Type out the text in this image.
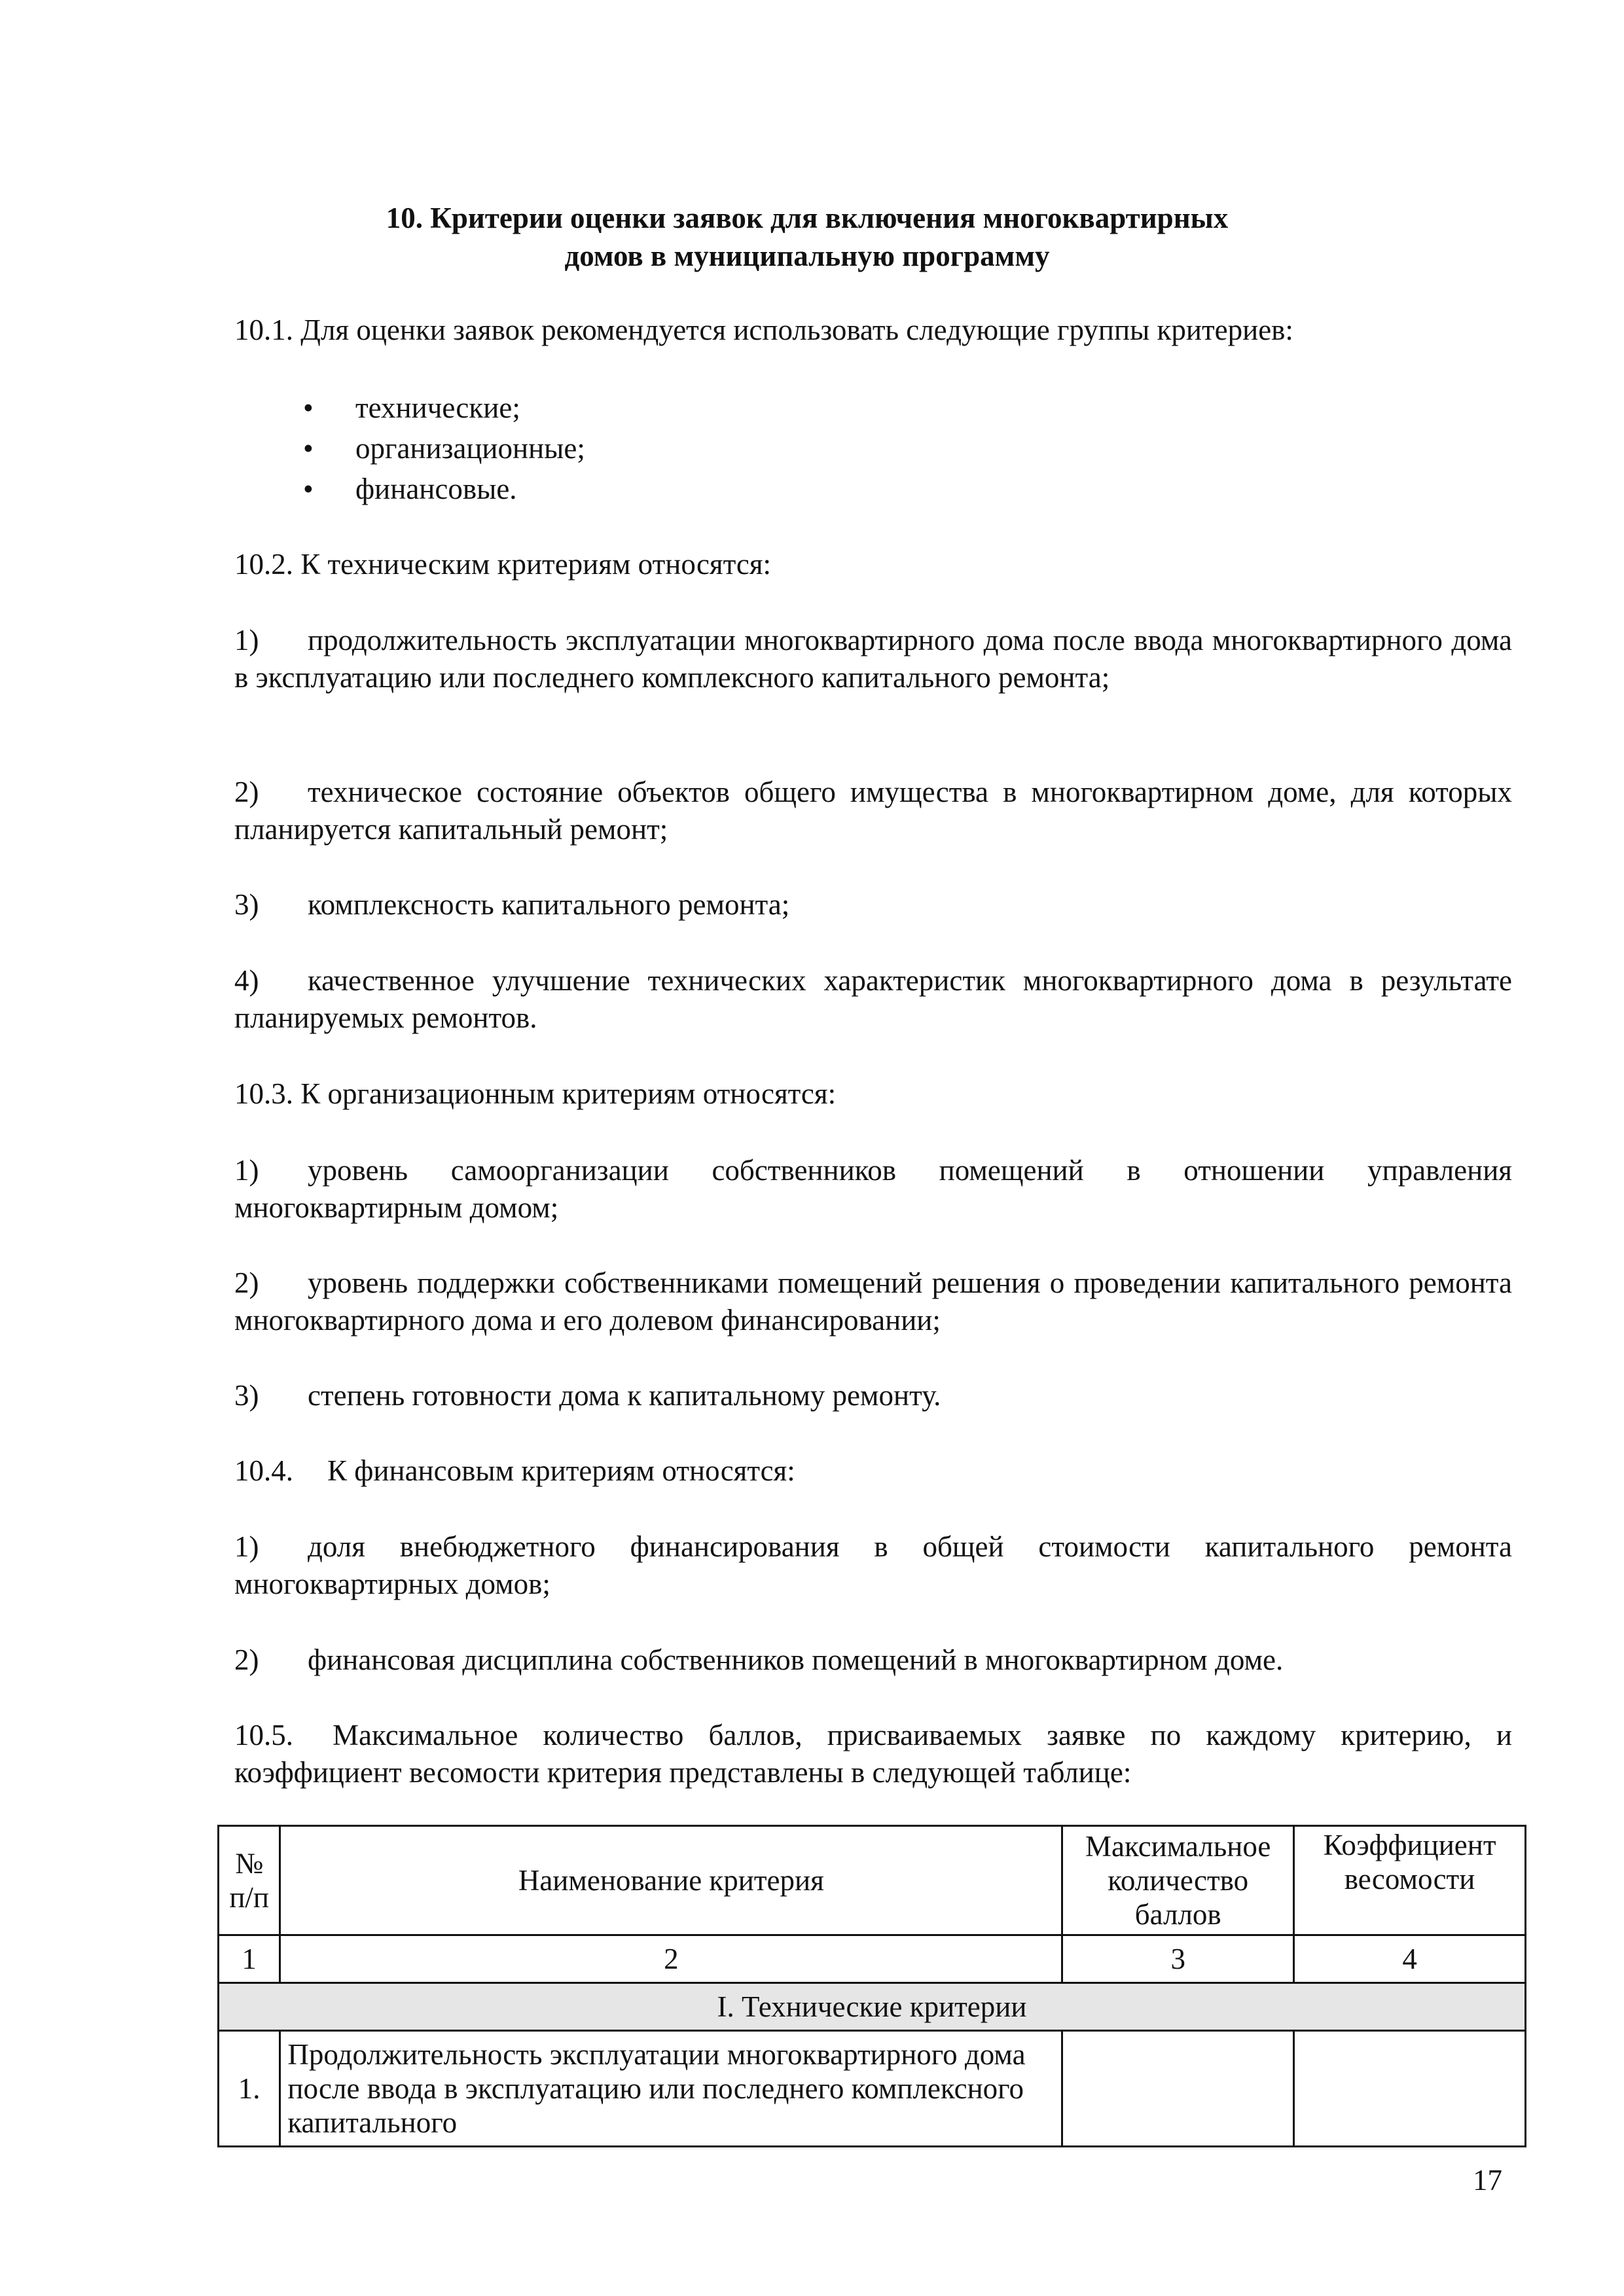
10. Критерии оценки заявок для включения многоквартирных
домов в муниципальную программу

10.1. Для оценки заявок рекомендуется использовать следующие группы критериев:

• технические;
• организационные;
• финансовые.

10.2. К техническим критериям относятся:

1) продолжительность эксплуатации многоквартирного дома после ввода многоквартирного дома в эксплуатацию или последнего комплексного капитального ремонта;

2) техническое состояние объектов общего имущества в многоквартирном доме, для которых планируется капитальный ремонт;

3) комплексность капитального ремонта;

4) качественное улучшение технических характеристик многоквартирного дома в результате планируемых ремонтов.

10.3. К организационным критериям относятся:

1) уровень самоорганизации собственников помещений в отношении управления многоквартирным домом;

2) уровень поддержки собственниками помещений решения о проведении капитального ремонта многоквартирного дома и его долевом финансировании;

3) степень готовности дома к капитальному ремонту.

10.4. К финансовым критериям относятся:

1) доля внебюджетного финансирования в общей стоимости капитального ремонта многоквартирных домов;

2) финансовая дисциплина собственников помещений в многоквартирном доме.

10.5. Максимальное количество баллов, присваиваемых заявке по каждому критерию, и коэффициент весомости критерия представлены в следующей таблице:

№ п/п	Наименование критерия	Максимальное количество баллов	Коэффициент весомости
1	2	3	4
I. Технические критерии			
1.	Продолжительность эксплуатации многоквартирного дома после ввода в эксплуатацию или последнего комплексного капитального		
17
